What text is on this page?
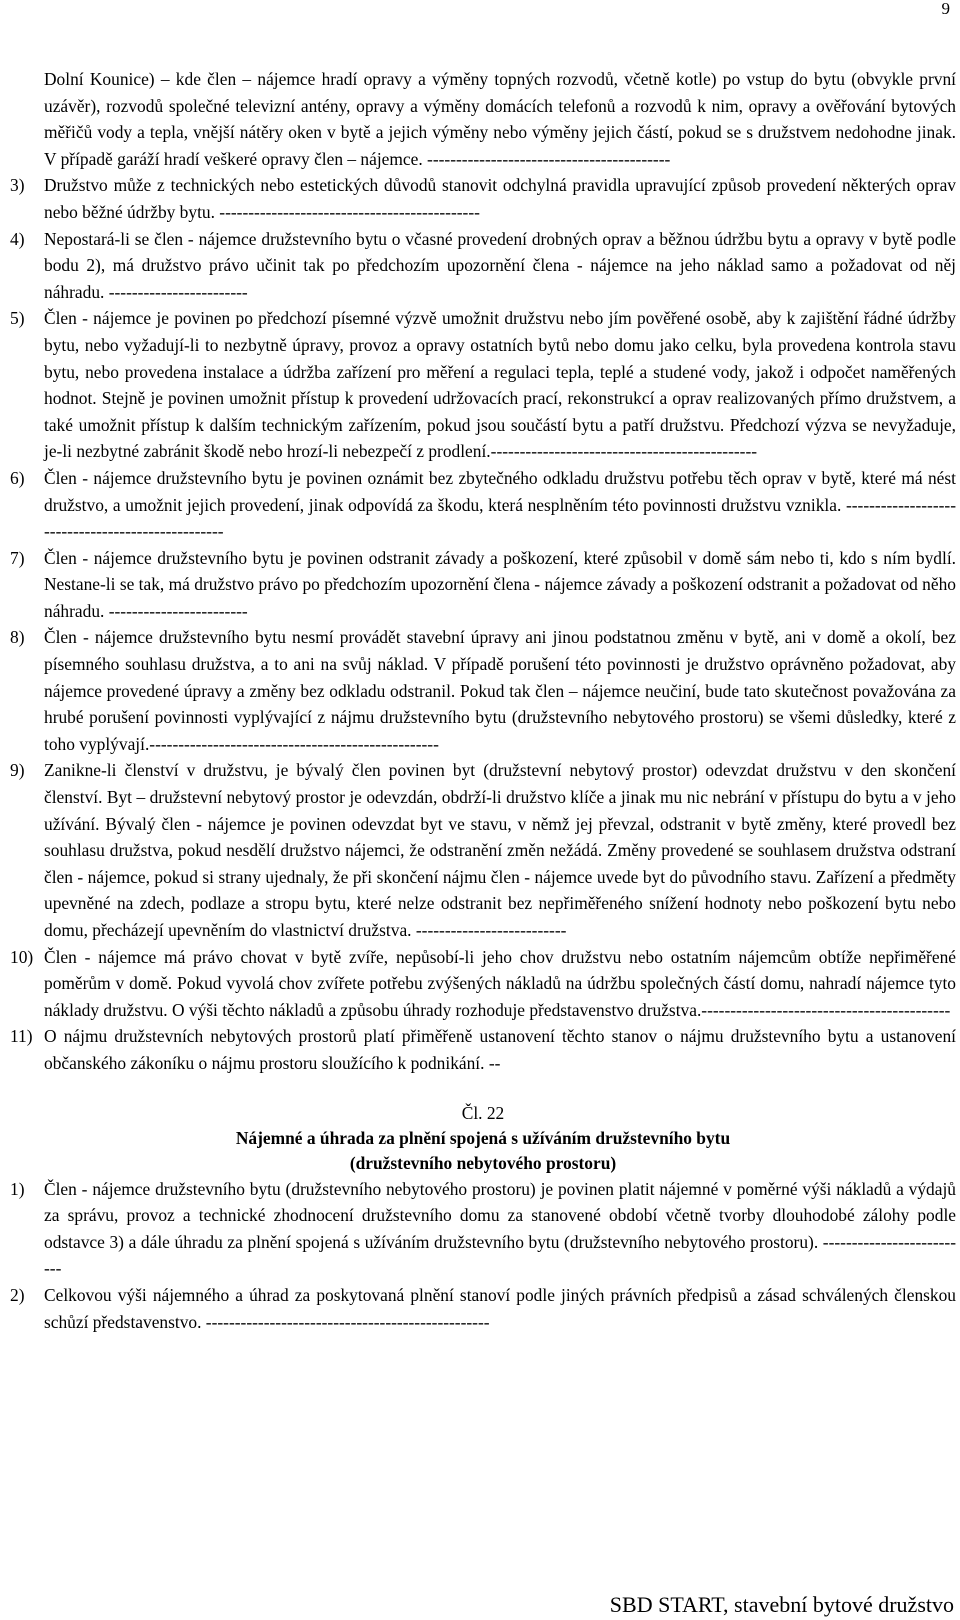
9
Dolní Kounice) – kde člen – nájemce hradí opravy a výměny topných rozvodů, včetně kotle) po vstup do bytu (obvykle první uzávěr), rozvodů společné televizní antény, opravy a výměny domácích telefonů a rozvodů k nim, opravy a ověřování bytových měřičů vody a tepla, vnější nátěry oken v bytě a jejich výměny nebo výměny jejich částí, pokud se s družstvem nedohodne jinak. V případě garáží hradí veškeré opravy člen – nájemce. ------------------------------------------
3) Družstvo může z technických nebo estetických důvodů stanovit odchylná pravidla upravující způsob provedení některých oprav nebo běžné údržby bytu. ---------------------------------------------
4) Nepostará-li se člen - nájemce družstevního bytu o včasné provedení drobných oprav a běžnou údržbu bytu a opravy v bytě podle bodu 2), má družstvo právo učinit tak po předchozím upozornění člena - nájemce na jeho náklad samo a požadovat od něj náhradu. ------------------------
5) Člen - nájemce je povinen po předchozí písemné výzvě umožnit družstvu nebo jím pověřené osobě, aby k zajištění řádné údržby bytu, nebo vyžadují-li to nezbytně úpravy, provoz a opravy ostatních bytů nebo domu jako celku, byla provedena kontrola stavu bytu, nebo provedena instalace a údržba zařízení pro měření a regulaci tepla, teplé a studené vody, jakož i odpočet naměřených hodnot. Stejně je povinen umožnit přístup k provedení udržovacích prací, rekonstrukcí a oprav realizovaných přímo družstvem, a také umožnit přístup k dalším technickým zařízením, pokud jsou součástí bytu a patří družstvu. Předchozí výzva se nevyžaduje, je-li nezbytné zabránit škodě nebo hrozí-li nebezpečí z prodlení.----------------------------------------------
6) Člen - nájemce družstevního bytu je povinen oznámit bez zbytečného odkladu družstvu potřebu těch oprav v bytě, které má nést družstvo, a umožnit jejich provedení, jinak odpovídá za škodu, která nesplněním této povinnosti družstvu vznikla. --------------------------------------------------
7) Člen - nájemce družstevního bytu je povinen odstranit závady a poškození, které způsobil v domě sám nebo ti, kdo s ním bydlí. Nestane-li se tak, má družstvo právo po předchozím upozornění člena - nájemce závady a poškození odstranit a požadovat od něho náhradu. ------------------------
8) Člen - nájemce družstevního bytu nesmí provádět stavební úpravy ani jinou podstatnou změnu v bytě, ani v domě a okolí, bez písemného souhlasu družstva, a to ani na svůj náklad. V případě porušení této povinnosti je družstvo oprávněno požadovat, aby nájemce provedené úpravy a změny bez odkladu odstranil. Pokud tak člen – nájemce neučiní, bude tato skutečnost považována za hrubé porušení povinnosti vyplývající z nájmu družstevního bytu (družstevního nebytového prostoru) se všemi důsledky, které z toho vyplývají.--------------------------------------------------
9) Zanikne-li členství v družstvu, je bývalý člen povinen byt (družstevní nebytový prostor) odevzdat družstvu v den skončení členství. Byt – družstevní nebytový prostor je odevzdán, obdrží-li družstvo klíče a jinak mu nic nebrání v přístupu do bytu a v jeho užívání. Bývalý člen - nájemce je povinen odevzdat byt ve stavu, v němž jej převzal, odstranit v bytě změny, které provedl bez souhlasu družstva, pokud nesdělí družstvo nájemci, že odstranění změn nežádá. Změny provedené se souhlasem družstva odstraní člen - nájemce, pokud si strany ujednaly, že při skončení nájmu člen - nájemce uvede byt do původního stavu. Zařízení a předměty upevněné na zdech, podlaze a stropu bytu, které nelze odstranit bez nepřiměřeného snížení hodnoty nebo poškození bytu nebo domu, přecházejí upevněním do vlastnictví družstva. --------------------------
10) Člen - nájemce má právo chovat v bytě zvíře, nepůsobí-li jeho chov družstvu nebo ostatním nájemcům obtíže nepřiměřené poměrům v domě. Pokud vyvolá chov zvířete potřebu zvýšených nákladů na údržbu společných částí domu, nahradí nájemce tyto náklady družstvu. O výši těchto nákladů a způsobu úhrady rozhoduje představenstvo družstva.-------------------------------------------
11) O nájmu družstevních nebytových prostorů platí přiměřeně ustanovení těchto stanov o nájmu družstevního bytu a ustanovení občanského zákoníku o nájmu prostoru sloužícího k podnikání. --
Čl. 22
Nájemné a úhrada za plnění spojená s užíváním družstevního bytu
(družstevního nebytového prostoru)
1) Člen - nájemce družstevního bytu (družstevního nebytového prostoru) je povinen platit nájemné v poměrné výši nákladů a výdajů za správu, provoz a technické zhodnocení družstevního domu za stanovené období včetně tvorby dlouhodobé zálohy podle odstavce 3) a dále úhradu za plnění spojená s užíváním družstevního bytu (družstevního nebytového prostoru). --------------------------
2) Celkovou výši nájemného a úhrad za poskytovaná plnění stanoví podle jiných právních předpisů a zásad schválených členskou schůzí představenstvo. -------------------------------------------------
SBD START, stavební bytové družstvo
